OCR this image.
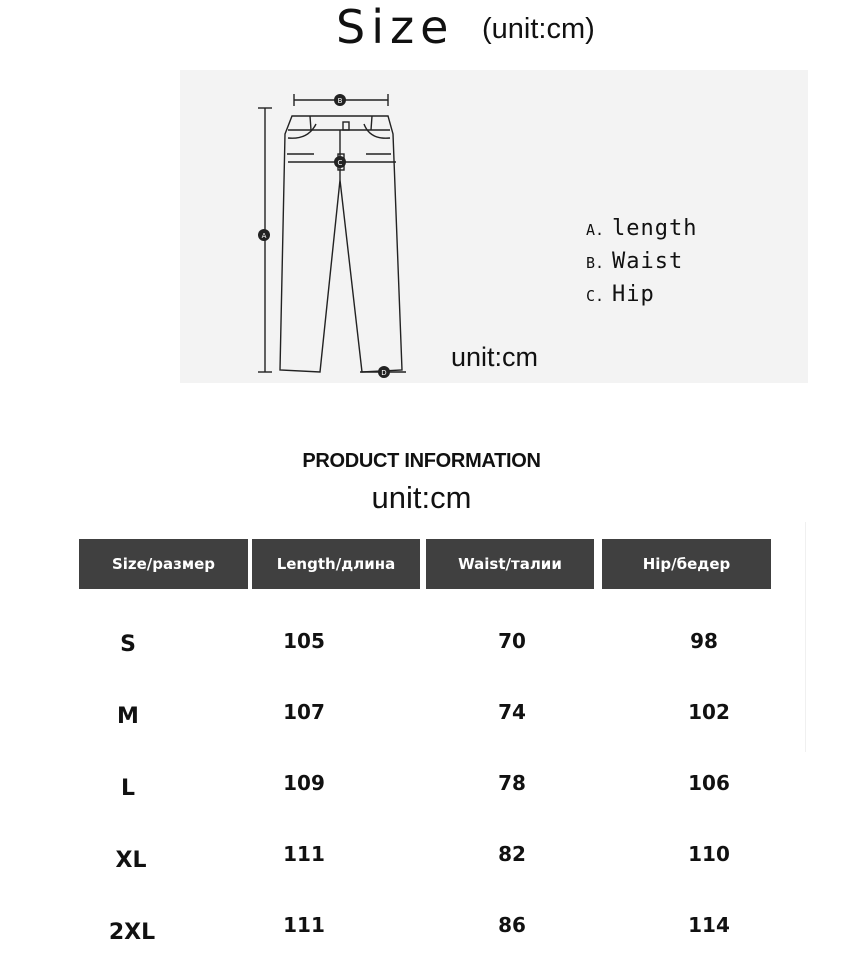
Size (unit:cm)
A
B
C
D
A. length
B. Waist
C. Hip
unit:cm
PRODUCT INFORMATION
unit:cm
Size/размер	Length/длина	Waist/талии	Hip/бедер
S	105	70	98
M	107	74	102
L	109	78	106
XL	111	82	110
2XL	111	86	114
